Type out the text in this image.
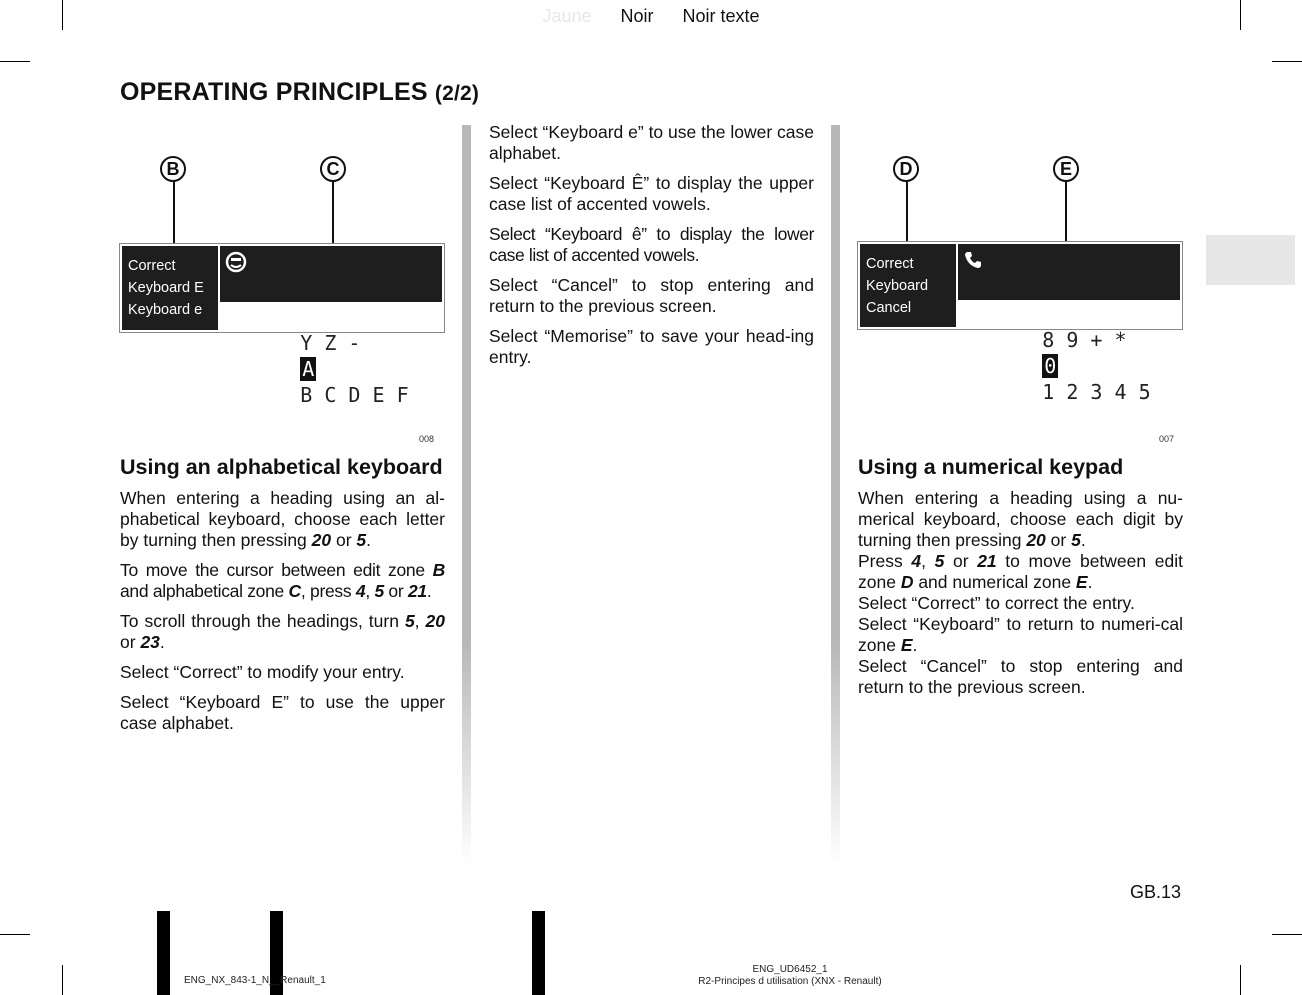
Jaune Noir Noir texte
OPERATING PRINCIPLES (2/2)
B	C
Correct
Keyboard E
Keyboard e

Y Z -
A
B C D E F

008
D	E
Correct
Keyboard
Cancel

8 9 + *
0
1 2 3 4 5

007
Using an alphabetical keyboard

When entering a heading using an al-phabetical keyboard, choose each letter by turning then pressing 20 or 5.

To move the cursor between edit zone B and alphabetical zone C, press 4, 5 or 21.

To scroll through the headings, turn 5, 20 or 23.

Select “Correct” to modify your entry.

Select “Keyboard E” to use the upper case alphabet.

Select “Keyboard e” to use the lower case alphabet.

Select “Keyboard Ê” to display the upper case list of accented vowels.

Select “Keyboard ê” to display the lower case list of accented vowels.

Select “Cancel” to stop entering and return to the previous screen.

Select “Memorise” to save your head-ing entry.

Using a numerical keypad

When entering a heading using a nu-merical keyboard, choose each digit by turning then pressing 20 or 5.

Press 4, 5 or 21 to move between edit zone D and numerical zone E.

Select “Correct” to correct the entry.

Select “Keyboard” to return to numeri-cal zone E.

Select “Cancel” to stop entering and return to the previous screen.

GB.13
ENG_NX_843-1_N__Renault_1
ENG_UD6452_1
R2-Principes d utilisation (XNX - Renault)
